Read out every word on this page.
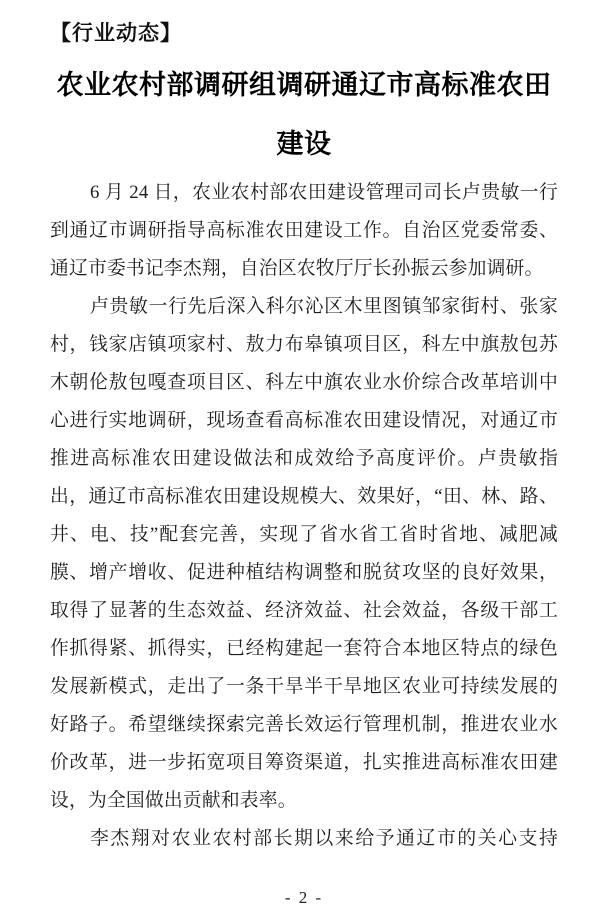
【行业动态】
农业农村部调研组调研通辽市高标准农田
建设
6 月 24 日，农业农村部农田建设管理司司长卢贵敏一行
到通辽市调研指导高标准农田建设工作。自治区党委常委、
通辽市委书记李杰翔，自治区农牧厅厅长孙振云参加调研。
卢贵敏一行先后深入科尔沁区木里图镇邹家街村、张家
村，钱家店镇项家村、敖力布皋镇项目区，科左中旗敖包苏
木朝伦敖包嘎查项目区、科左中旗农业水价综合改革培训中
心进行实地调研，现场查看高标准农田建设情况，对通辽市
推进高标准农田建设做法和成效给予高度评价。卢贵敏指
出，通辽市高标准农田建设规模大、效果好，“田、林、路、
井、电、技”配套完善，实现了省水省工省时省地、减肥减
膜、增产增收、促进种植结构调整和脱贫攻坚的良好效果，
取得了显著的生态效益、经济效益、社会效益，各级干部工
作抓得紧、抓得实，已经构建起一套符合本地区特点的绿色
发展新模式，走出了一条干旱半干旱地区农业可持续发展的
好路子。希望继续探索完善长效运行管理机制，推进农业水
价改革，进一步拓宽项目筹资渠道，扎实推进高标准农田建
设，为全国做出贡献和表率。
李杰翔对农业农村部长期以来给予通辽市的关心支持
- 2 -
